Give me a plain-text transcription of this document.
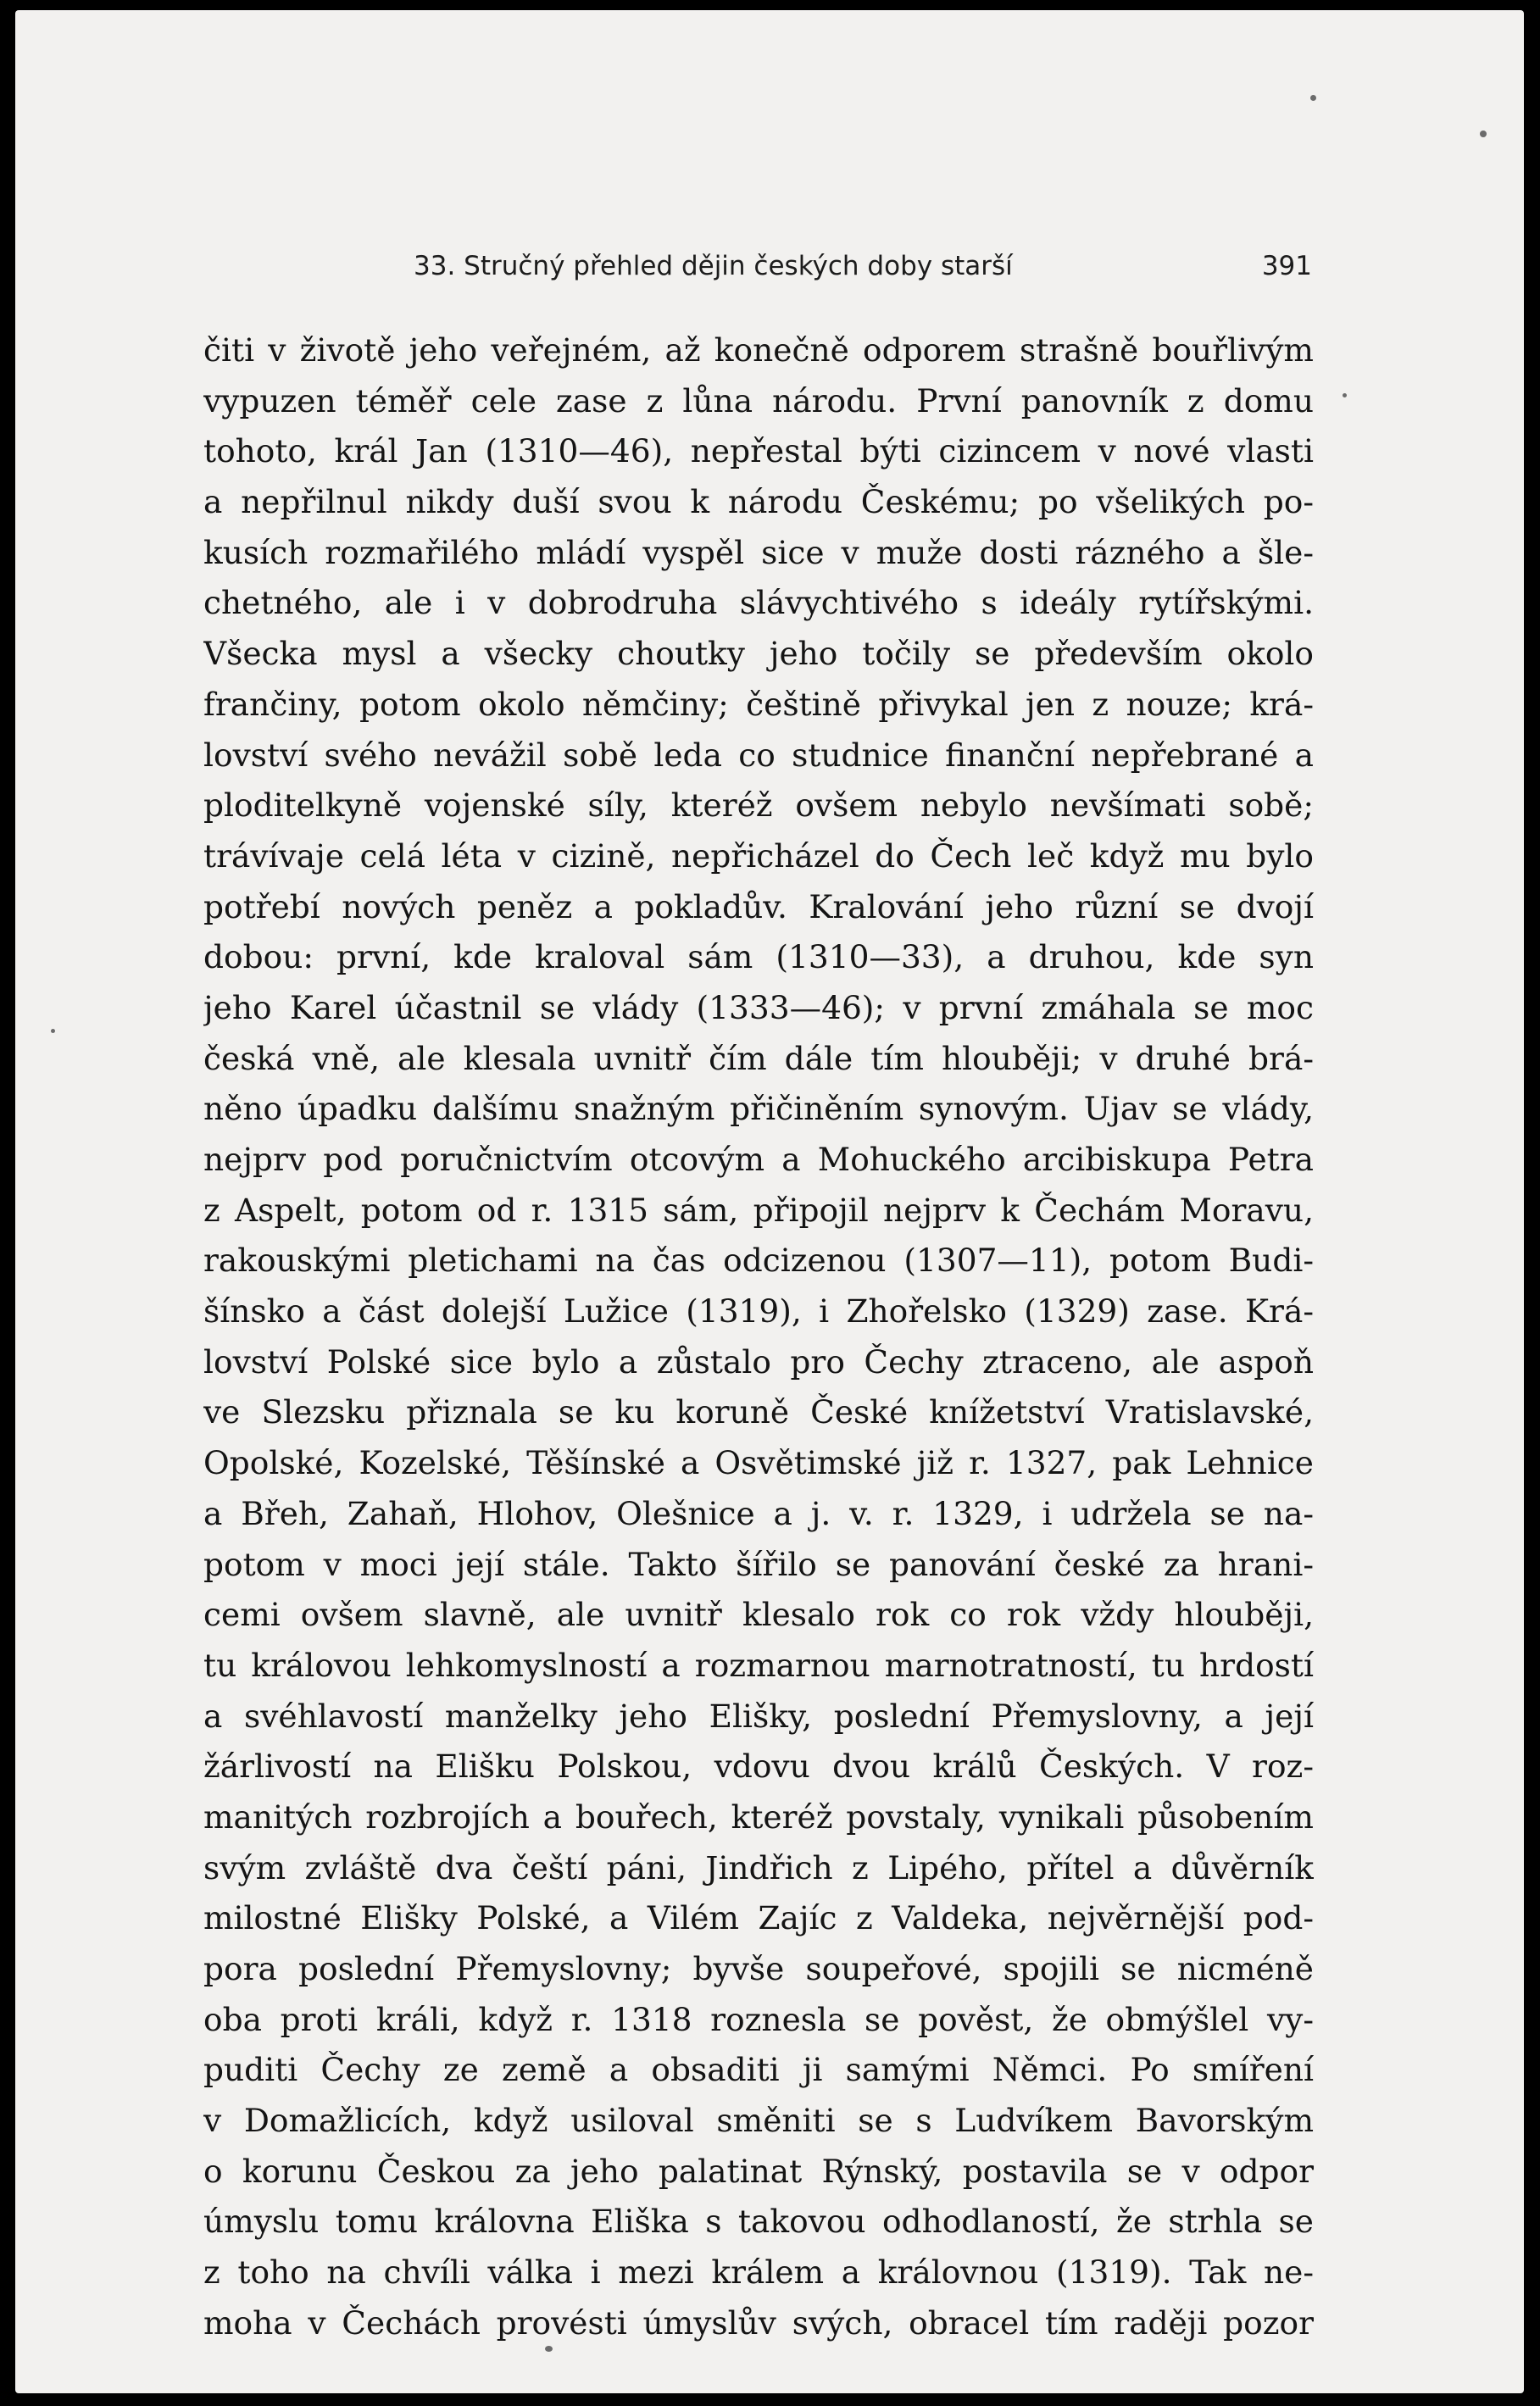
33. Stručný přehled dějin českých doby starší	391
čiti v životě jeho veřejném, až konečně odporem strašně bouřlivým
vypuzen téměř cele zase z lůna národu. První panovník z domu
tohoto, král Jan (1310—46), nepřestal býti cizincem v nové vlasti
a nepřilnul nikdy duší svou k národu Českému; po všelikých po-
kusích rozmařilého mládí vyspěl sice v muže dosti rázného a šle-
chetného, ale i v dobrodruha slávychtivého s ideály rytířskými.
Všecka mysl a všecky choutky jeho točily se především okolo
frančiny, potom okolo němčiny; češtině přivykal jen z nouze; krá-
lovství svého nevážil sobě leda co studnice finanční nepřebrané a
ploditelkyně vojenské síly, kteréž ovšem nebylo nevšímati sobě;
trávívaje celá léta v cizině, nepřicházel do Čech leč když mu bylo
potřebí nových peněz a pokladův. Kralování jeho různí se dvojí
dobou: první, kde kraloval sám (1310—33), a druhou, kde syn
jeho Karel účastnil se vlády (1333—46); v první zmáhala se moc
česká vně, ale klesala uvnitř čím dále tím hlouběji; v druhé brá-
něno úpadku dalšímu snažným přičiněním synovým. Ujav se vlády,
nejprv pod poručnictvím otcovým a Mohuckého arcibiskupa Petra
z Aspelt, potom od r. 1315 sám, připojil nejprv k Čechám Moravu,
rakouskými pletichami na čas odcizenou (1307—11), potom Budi-
šínsko a část dolejší Lužice (1319), i Zhořelsko (1329) zase. Krá-
lovství Polské sice bylo a zůstalo pro Čechy ztraceno, ale aspoň
ve Slezsku přiznala se ku koruně České knížetství Vratislavské,
Opolské, Kozelské, Těšínské a Osvětimské již r. 1327, pak Lehnice
a Břeh, Zahaň, Hlohov, Olešnice a j. v. r. 1329, i udržela se na-
potom v moci její stále. Takto šířilo se panování české za hrani-
cemi ovšem slavně, ale uvnitř klesalo rok co rok vždy hlouběji,
tu královou lehkomyslností a rozmarnou marnotratností, tu hrdostí
a svéhlavostí manželky jeho Elišky, poslední Přemyslovny, a její
žárlivostí na Elišku Polskou, vdovu dvou králů Českých. V roz-
manitých rozbrojích a bouřech, kteréž povstaly, vynikali působením
svým zvláště dva čeští páni, Jindřich z Lipého, přítel a důvěrník
milostné Elišky Polské, a Vilém Zajíc z Valdeka, nejvěrnější pod-
pora poslední Přemyslovny; byvše soupeřové, spojili se nicméně
oba proti králi, když r. 1318 roznesla se pověst, že obmýšlel vy-
puditi Čechy ze země a obsaditi ji samými Němci. Po smíření
v Domažlicích, když usiloval směniti se s Ludvíkem Bavorským
o korunu Českou za jeho palatinat Rýnský, postavila se v odpor
úmyslu tomu královna Eliška s takovou odhodlaností, že strhla se
z toho na chvíli válka i mezi králem a královnou (1319). Tak ne-
moha v Čechách provésti úmyslův svých, obracel tím raději pozor
